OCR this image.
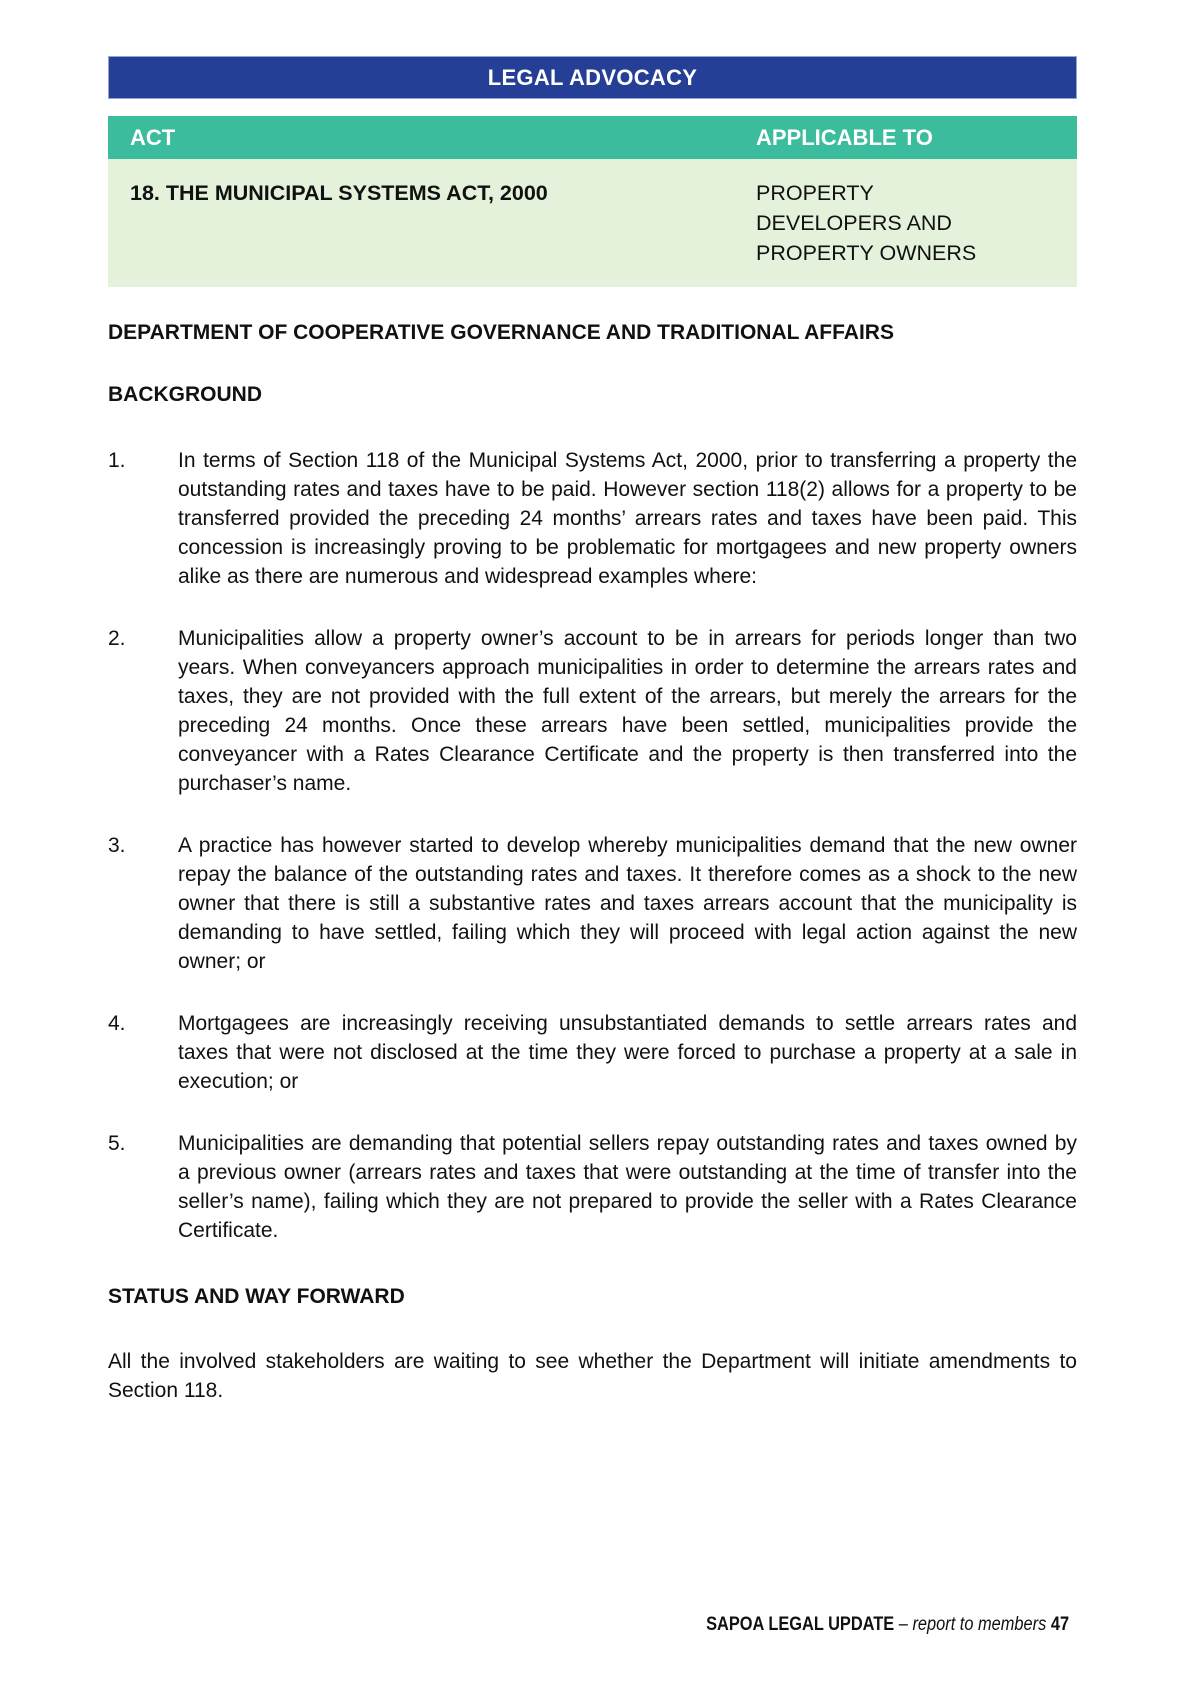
LEGAL ADVOCACY
ACT	APPLICABLE TO
18. THE MUNICIPAL SYSTEMS ACT, 2000	PROPERTY DEVELOPERS AND PROPERTY OWNERS
DEPARTMENT OF COOPERATIVE GOVERNANCE AND TRADITIONAL AFFAIRS
BACKGROUND
1.	In terms of Section 118 of the Municipal Systems Act, 2000, prior to transferring a property the outstanding rates and taxes have to be paid. However section 118(2) allows for a property to be transferred provided the preceding 24 months’ arrears rates and taxes have been paid. This concession is increasingly proving to be problematic for mortgagees and new property owners alike as there are numerous and widespread examples where:
2.	Municipalities allow a property owner’s account to be in arrears for periods longer than two years. When conveyancers approach municipalities in order to determine the arrears rates and taxes, they are not provided with the full extent of the arrears, but merely the arrears for the preceding 24 months. Once these arrears have been settled, municipalities provide the conveyancer with a Rates Clearance Certificate and the property is then transferred into the purchaser’s name.
3.	A practice has however started to develop whereby municipalities demand that the new owner repay the balance of the outstanding rates and taxes. It therefore comes as a shock to the new owner that there is still a substantive rates and taxes arrears account that the municipality is demanding to have settled, failing which they will proceed with legal action against the new owner; or
4.	Mortgagees are increasingly receiving unsubstantiated demands to settle arrears rates and taxes that were not disclosed at the time they were forced to purchase a property at a sale in execution; or
5.	Municipalities are demanding that potential sellers repay outstanding rates and taxes owned by a previous owner (arrears rates and taxes that were outstanding at the time of transfer into the seller’s name), failing which they are not prepared to provide the seller with a Rates Clearance Certificate.
STATUS AND WAY FORWARD
All the involved stakeholders are waiting to see whether the Department will initiate amendments to Section 118.
SAPOA LEGAL UPDATE – report to members 47
